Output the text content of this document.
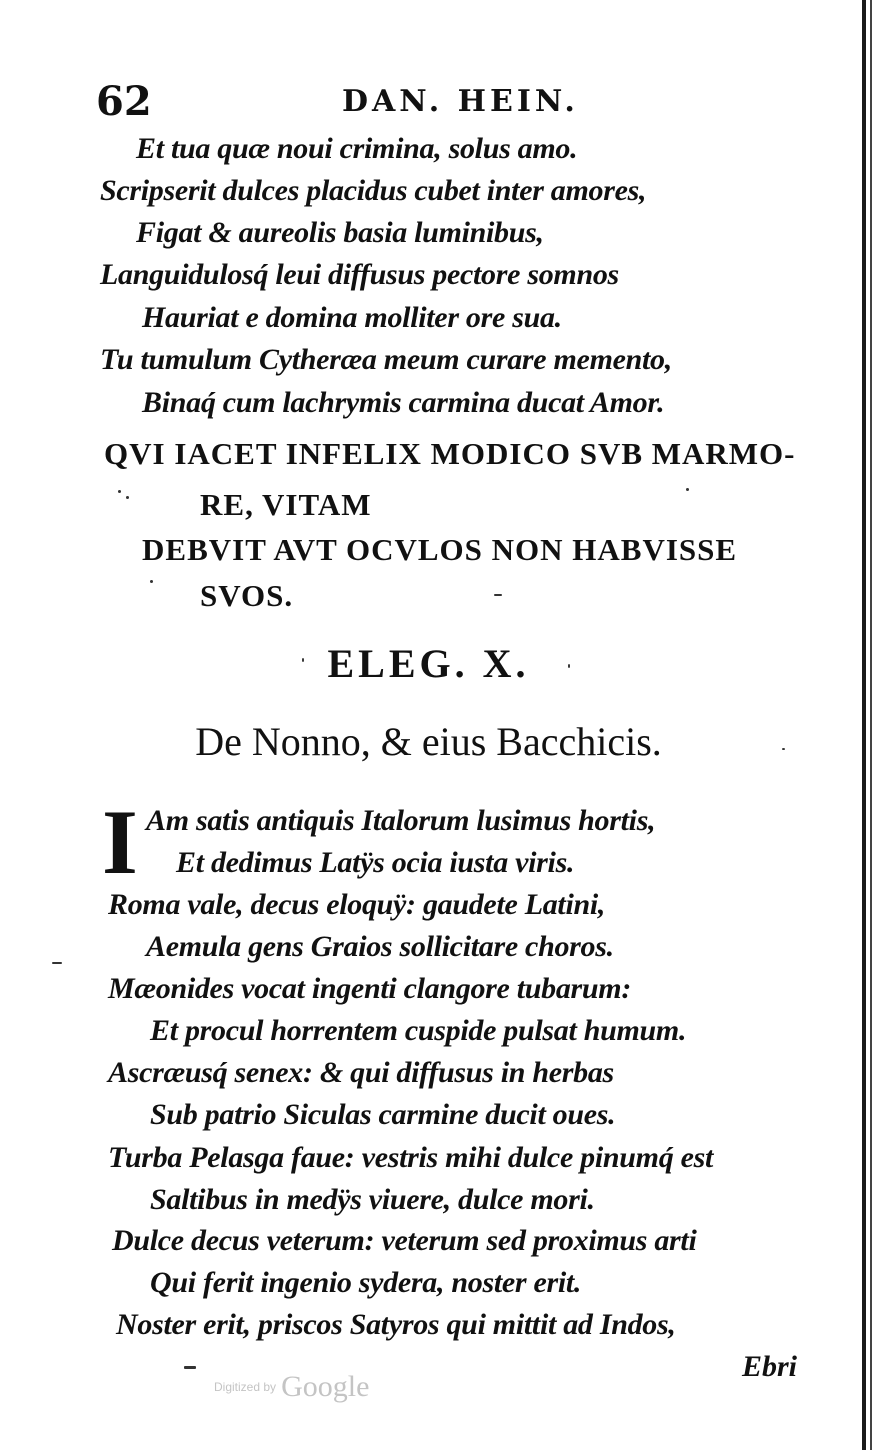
62	DAN. HEIN.
Et tua quæ noui crimina, solus amo.
Scripserit dulces placidus cubet inter amores,
Figat & aureolis basia luminibus,
Languidulosq́ leui diffusus pectore somnos
Hauriat e domina molliter ore sua.
Tu tumulum Cytheræa meum curare memento,
Binaq́ cum lachrymis carmina ducat Amor.
QVI IACET INFELIX MODICO SVB MARMO-
RE, VITAM
DEBVIT AVT OCVLOS NON HABVISSE
SVOS.
ELEG. X.
De Nonno, & eius Bacchicis.
I Am satis antiquis Italorum lusimus hortis,
Et dedimus Latÿs ocia iusta viris.
Roma vale, decus eloquÿ: gaudete Latini,
Aemula gens Graios sollicitare choros.
Mæonides vocat ingenti clangore tubarum:
Et procul horrentem cuspide pulsat humum.
Ascræusq́ senex: & qui diffusus in herbas
Sub patrio Siculas carmine ducit oues.
Turba Pelasga faue: vestris mihi dulce pinumq́ est
Saltibus in medÿs viuere, dulce mori.
Dulce decus veterum: veterum sed proximus arti
Qui ferit ingenio sydera, noster erit.
Noster erit, priscos Satyros qui mittit ad Indos,
Ebri
Digitized by Google
